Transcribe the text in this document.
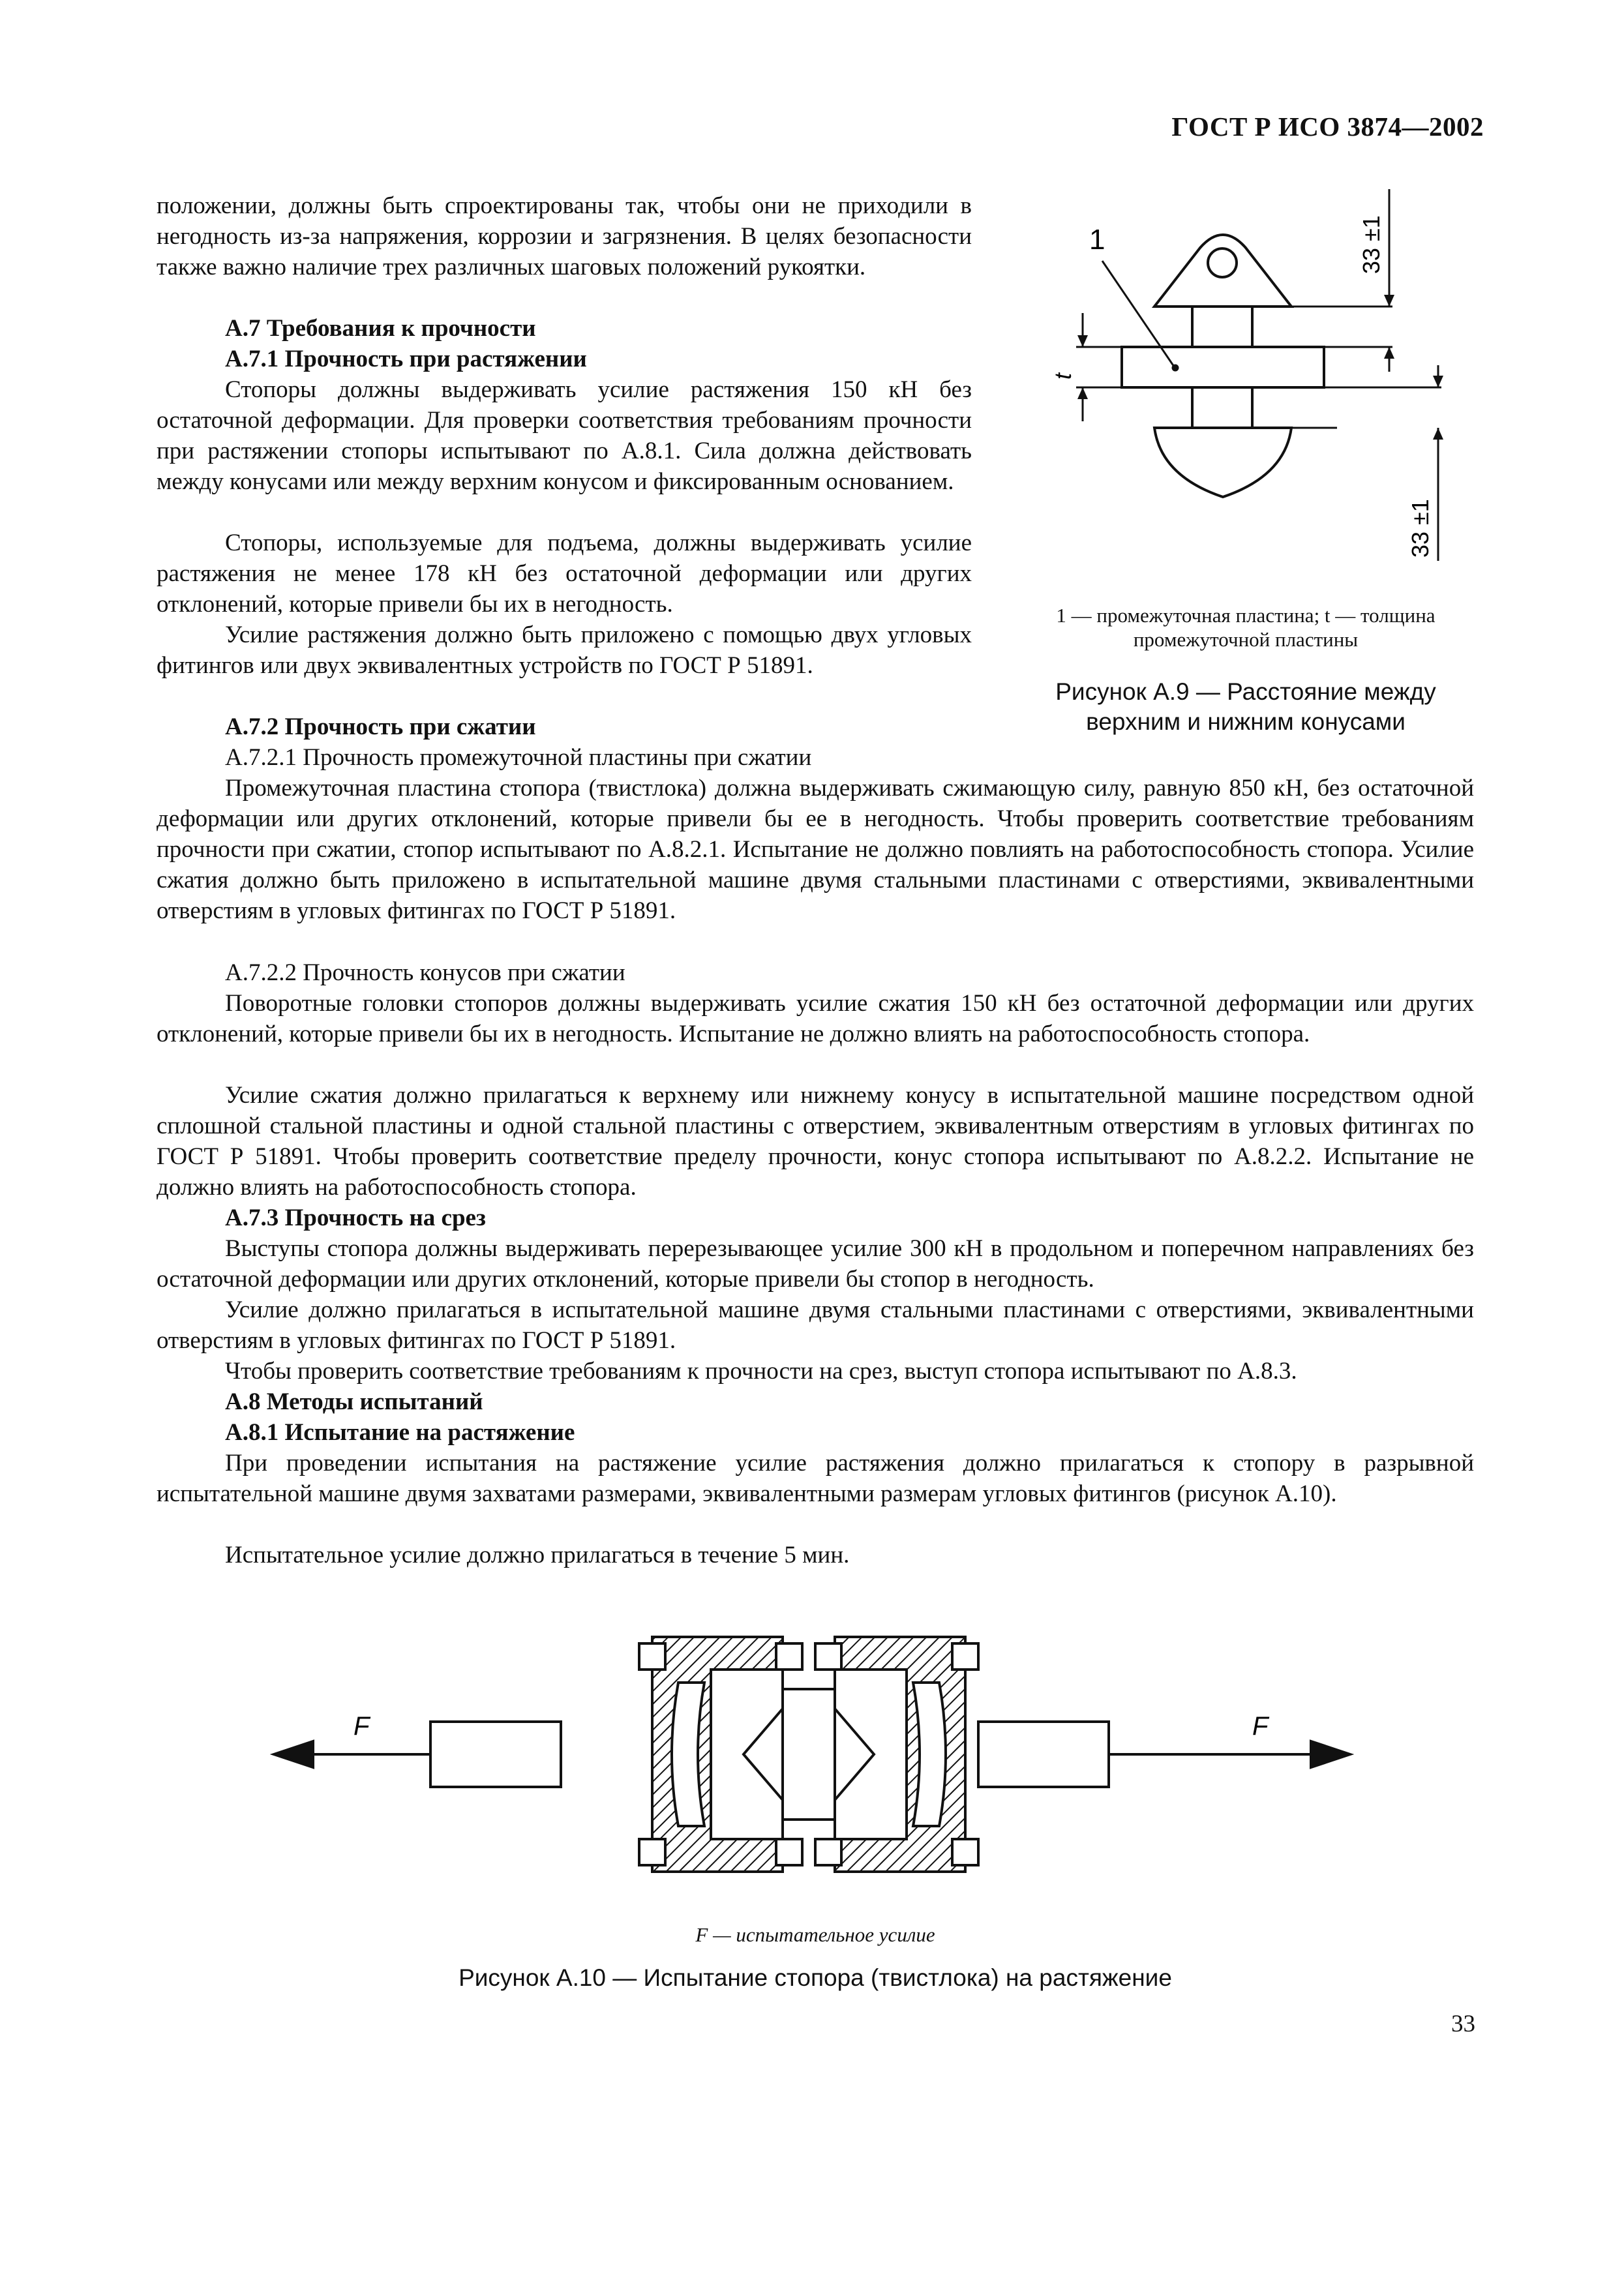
ГОСТ Р ИСО 3874—2002

положении, должны быть спроектированы так, чтобы они не приходили в негодность из-за напряжения, коррозии и загрязнения. В целях безопасности также важно наличие трех различных шаговых положений рукоятки.

A.7 Требования к прочности

A.7.1 Прочность при растяжении

Стопоры должны выдерживать усилие растяжения 150 кН без остаточной деформации. Для проверки соответствия требованиям прочности при растяжении стопоры испытывают по А.8.1. Сила должна действовать между конусами или между верхним конусом и фиксированным основанием.

Стопоры, используемые для подъема, должны выдерживать усилие растяжения не менее 178 кН без остаточной деформации или других отклонений, которые привели бы их в негодность.

Усилие растяжения должно быть приложено с помощью двух угловых фитингов или двух эквивалентных устройств по ГОСТ Р 51891.

A.7.2 Прочность при сжатии

1
t
33 ±1
33 ±1
1 — промежуточная пластина; t — толщина
промежуточной пластины
Рисунок А.9 — Расстояние между
верхним и нижним конусами

А.7.2.1 Прочность промежуточной пластины при сжатии

Промежуточная пластина стопора (твистлока) должна выдерживать сжимающую силу, равную 850 кН, без остаточной деформации или других отклонений, которые привели бы ее в негодность. Чтобы проверить соответствие требованиям прочности при сжатии, стопор испытывают по А.8.2.1. Испытание не должно повлиять на работоспособность стопора. Усилие сжатия должно быть приложено в испытательной машине двумя стальными пластинами с отверстиями, эквивалентными отверстиям в угловых фитингах по ГОСТ Р 51891.

А.7.2.2 Прочность конусов при сжатии

Поворотные головки стопоров должны выдерживать усилие сжатия 150 кН без остаточной деформации или других отклонений, которые привели бы их в негодность. Испытание не должно влиять на работоспособность стопора.

Усилие сжатия должно прилагаться к верхнему или нижнему конусу в испытательной машине посредством одной сплошной стальной пластины и одной стальной пластины с отверстием, эквивалентным отверстиям в угловых фитингах по ГОСТ Р 51891. Чтобы проверить соответствие пределу прочности, конус стопора испытывают по А.8.2.2. Испытание не должно влиять на работоспособность стопора.

A.7.3 Прочность на срез

Выступы стопора должны выдерживать перерезывающее усилие 300 кН в продольном и поперечном направлениях без остаточной деформации или других отклонений, которые привели бы стопор в негодность.

Усилие должно прилагаться в испытательной машине двумя стальными пластинами с отверстиями, эквивалентными отверстиям в угловых фитингах по ГОСТ Р 51891.

Чтобы проверить соответствие требованиям к прочности на срез, выступ стопора испытывают по А.8.3.

A.8 Методы испытаний

A.8.1 Испытание на растяжение

При проведении испытания на растяжение усилие растяжения должно прилагаться к стопору в разрывной испытательной машине двумя захватами размерами, эквивалентными размерам угловых фитингов (рисунок А.10).

Испытательное усилие должно прилагаться в течение 5 мин.

F	F
F — испытательное усилие
Рисунок А.10 — Испытание стопора (твистлока) на растяжение
33
